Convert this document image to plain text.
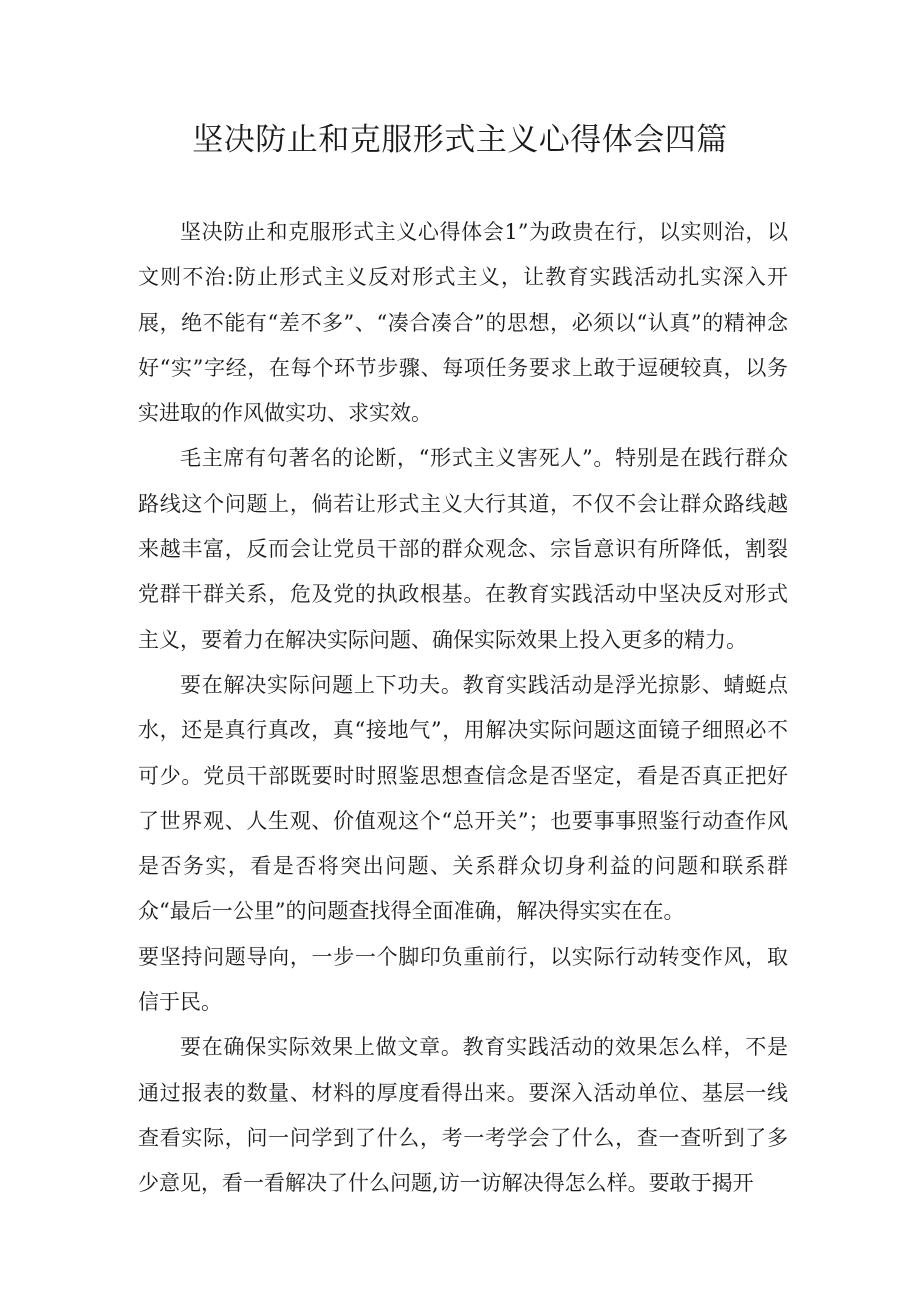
坚决防止和克服形式主义心得体会四篇

坚决防止和克服形式主义心得体会1”为政贵在行，以实则治，以文则不治:防止形式主义反对形式主义，让教育实践活动扎实深入开展，绝不能有“差不多”、“凑合凑合”的思想，必须以“认真”的精神念好“实”字经，在每个环节步骤、每项任务要求上敢于逗硬较真，以务实进取的作风做实功、求实效。

毛主席有句著名的论断，“形式主义害死人”。特别是在践行群众路线这个问题上，倘若让形式主义大行其道，不仅不会让群众路线越来越丰富，反而会让党员干部的群众观念、宗旨意识有所降低，割裂党群干群关系，危及党的执政根基。在教育实践活动中坚决反对形式主义，要着力在解决实际问题、确保实际效果上投入更多的精力。

要在解决实际问题上下功夫。教育实践活动是浮光掠影、蜻蜓点水，还是真行真改，真“接地气”，用解决实际问题这面镜子细照必不可少。党员干部既要时时照鉴思想查信念是否坚定，看是否真正把好了世界观、人生观、价值观这个“总开关”；也要事事照鉴行动查作风是否务实，看是否将突出问题、关系群众切身利益的问题和联系群众“最后一公里”的问题查找得全面准确，解决得实实在在。

要坚持问题导向，一步一个脚印负重前行，以实际行动转变作风，取信于民。

要在确保实际效果上做文章。教育实践活动的效果怎么样，不是通过报表的数量、材料的厚度看得出来。要深入活动单位、基层一线查看实际，问一问学到了什么，考一考学会了什么，查一查听到了多少意见，看一看解决了什么问题,访一访解决得怎么样。要敢于揭开
